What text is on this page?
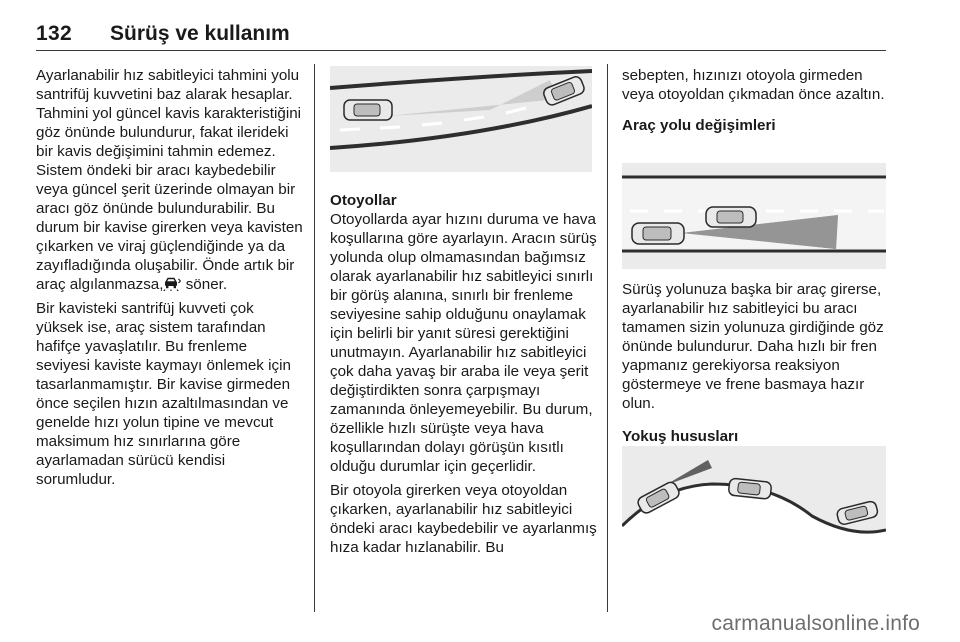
132 Sürüş ve kullanım

Ayarlanabilir hız sabitleyici tahmini yolu santrifüj kuvvetini baz alarak hesaplar. Tahmini yol güncel kavis karakteristiğini göz önünde bulundurur, fakat ilerideki bir kavis değişimini tahmin edemez. Sistem öndeki bir aracı kaybedebilir veya güncel şerit üzerinde olmayan bir aracı göz önünde bulundurabilir. Bu durum bir kavise girerken veya kavisten çıkarken ve viraj güçlendiğinde ya da zayıfladığında oluşabilir. Önde artık bir araç algılanmazsa, söner.

Bir kavisteki santrifüj kuvveti çok yüksek ise, araç sistem tarafından hafifçe yavaşlatılır. Bu frenleme seviyesi kaviste kaymayı önlemek için tasarlanmamıştır. Bir kavise girmeden önce seçilen hızın azaltılmasından ve genelde hızı yolun tipine ve mevcut maksimum hız sınırlarına göre ayarlamadan sürücü kendisi sorumludur.

Otoyollar

Otoyollarda ayar hızını duruma ve hava koşullarına göre ayarlayın. Aracın sürüş yolunda olup olmamasından bağımsız olarak ayarlanabilir hız sabitleyici sınırlı bir görüş alanına, sınırlı bir frenleme seviyesine sahip olduğunu onaylamak için belirli bir yanıt süresi gerektiğini unutmayın. Ayarlanabilir hız sabitleyici çok daha yavaş bir araba ile veya şerit değiştirdikten sonra çarpışmayı zamanında önleyemeyebilir. Bu durum, özellikle hızlı sürüşte veya hava koşullarından dolayı görüşün kısıtlı olduğu durumlar için geçerlidir.

Bir otoyola girerken veya otoyoldan çıkarken, ayarlanabilir hız sabitleyici öndeki aracı kaybedebilir ve ayarlanmış hıza kadar hızlanabilir. Bu

sebepten, hızınızı otoyola girmeden veya otoyoldan çıkmadan önce azaltın.

Araç yolu değişimleri

Sürüş yolunuza başka bir araç girerse, ayarlanabilir hız sabitleyici bu aracı tamamen sizin yolunuza girdiğinde göz önünde bulundurur. Daha hızlı bir fren yapmanız gerekiyorsa reaksiyon göstermeye ve frene basmaya hazır olun.

Yokuş hususları
carmanualsonline.info
